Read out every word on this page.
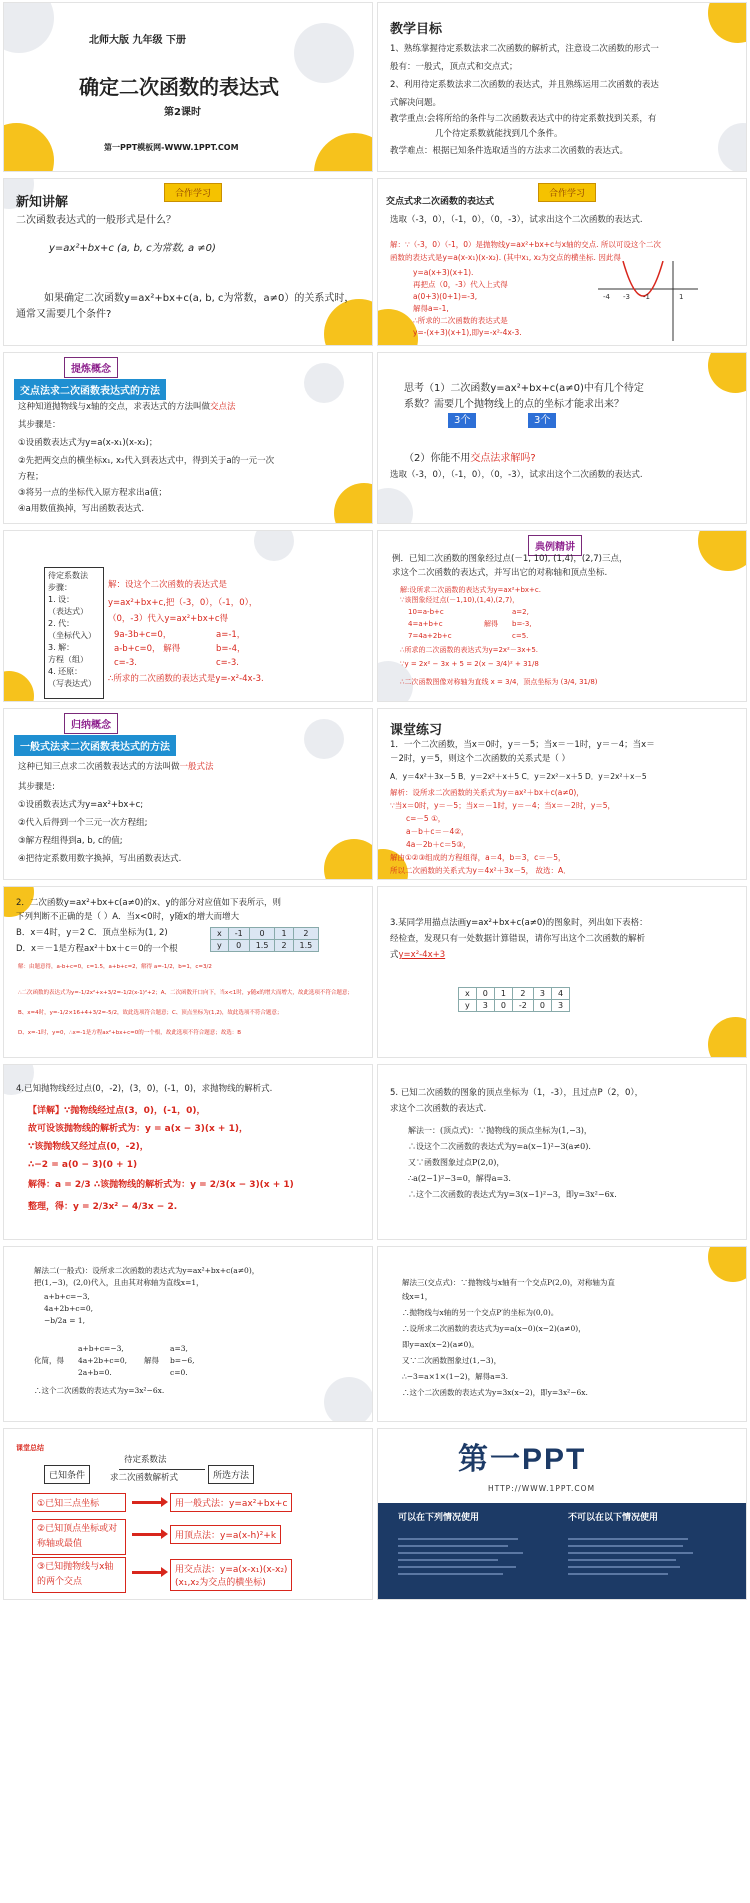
北师大版 九年级 下册
确定二次函数的表达式
第2课时
第一PPT模板网-WWW.1PPT.COM
教学目标
1、熟练掌握待定系数法求二次函数的解析式，注意设二次函数的形式一
般有：一般式，顶点式和交点式；
2、利用待定系数法求二次函数的表达式，并且熟练运用二次函数的表达
式解决问题。
教学重点:会将所给的条件与二次函数表达式中的待定系数找到关系，有
几个待定系数就能找到几个条件。
教学难点：根据已知条件选取适当的方法求二次函数的表达式。
新知讲解
合作学习
二次函数表达式的一般形式是什么？
y=ax²+bx+c (a, b, c为常数, a ≠0)
如果确定二次函数y=ax²+bx+c(a, b, c为常数，a≠0）的关系式时，
通常又需要几个条件?
交点式求二次函数的表达式
合作学习
选取（-3，0），（-1，0），（0，-3），试求出这个二次函数的表达式.
解：∵（-3，0）（-1，0）是抛物线y=ax²+bx+c与x轴的交点. 所以可设这个二次
函数的表达式是y=a(x-x₁)(x-x₂). (其中x₁, x₂为交点的横坐标. 因此得
y=a(x+3)(x+1).
再把点（0，-3）代入上式得
a(0+3)(0+1)=-3,
解得a=-1,
∴所求的二次函数的表达式是
y=-(x+3)(x+1),即y=-x²-4x-3.
-4 -3 -1	1
提炼概念
交点法求二次函数表达式的方法
这种知道抛物线与x轴的交点，求表达式的方法叫做交点法
其步骤是：
①设函数表达式为y=a(x-x₁)(x-x₂)；
②先把两交点的横坐标x₁, x₂代入到表达式中，得到关于a的一元一次
方程；
③将另一点的坐标代入原方程求出a值；
④a用数值换掉，写出函数表达式.
思考（1）二次函数y=ax²+bx+c(a≠0)中有几个待定
系数？需要几个抛物线上的点的坐标才能求出来？
3个	3个
（2）你能不用交点法求解吗?
选取（-3，0），（-1，0），（0，-3），试求出这个二次函数的表达式.
待定系数法
步骤：
1. 设：
（表达式）
2. 代：
（坐标代入）
3. 解：
方程（组）
4. 还原：
（写表达式）
解：设这个二次函数的表达式是
y=ax²+bx+c,把（-3，0），（-1，0），
（0，-3）代入y=ax²+bx+c得
9a-3b+c=0，
a-b+c=0， 解得
c=-3.
a=-1，
b=-4，
c=-3.
∴所求的二次函数的表达式是y=-x²-4x-3.
典例精讲
例．已知二次函数的图象经过点(－1, 10), (1,4)，(2,7)三点，
求这个二次函数的表达式，并写出它的对称轴和顶点坐标.
解:设所求二次函数的表达式为y=ax²+bx+c.
∵该图象经过点(－1,10),(1,4),(2,7)，
10=a-b+c
4=a+b+c
7=4a+2b+c
解得
a=2,
b=-3,
c=5.
∴所求的二次函数的表达式为y=2x²－3x+5.
∵y = 2x² − 3x + 5 = 2(x − 3/4)² + 31/8
∴二次函数图像对称轴为直线 x = 3/4，顶点坐标为 (3/4, 31/8)
归纳概念
一般式法求二次函数表达式的方法
这种已知三点求二次函数表达式的方法叫做一般式法
其步骤是:
①设函数表达式为y=ax²+bx+c;
②代入后得到一个三元一次方程组;
③解方程组得到a, b, c的值;
④把待定系数用数字换掉，写出函数表达式.
课堂练习
1．一个二次函数，当x＝0时，y＝－5；当x＝－1时，y＝－4；当x＝
－2时，y＝5，则这个二次函数的关系式是（ ）
A．y＝4x²＋3x－5 B．y＝2x²＋x＋5 C．y＝2x²－x＋5 D．y＝2x²＋x－5
解析：设所求二次函数的关系式为y＝ax²＋bx＋c(a≠0)，
∵当x＝0时，y＝－5；当x＝－1时，y＝－4；当x＝－2时，y＝5，
c=－5 ①，
a－b＋c＝－4②，
4a－2b＋c＝5③，
解由①②③组成的方程组得，a＝4，b＝3，c＝－5，
所以二次函数的关系式为y＝4x²＋3x－5， 故选：A．
2．二次函数y=ax²+bx+c(a≠0)的x、y的部分对应值如下表所示，则
下列判断不正确的是（ ）A．当x<0时，y随x的增大而增大
B．x＝4时，y＝2 C．顶点坐标为(1, 2)
D．x＝－1是方程ax²＋bx＋c＝0的一个根
x	-1	0	1	2
y	0	1.5	2	1.5
解：由题意得，a-b+c=0，c=1.5，a+b+c=2，解得 a=-1/2，b=1，c=3/2
∴二次函数的表达式为y=-1/2x²+x+3/2=-1/2(x-1)²+2；A、二次函数开口向下，当x<1时，y随x的增大而增大，故此选项不符合题意；
B、x=4时，y=-1/2×16+4+3/2=-5/2，故此选项符合题意；C、顶点坐标为(1,2)，故此选项不符合题意；
D、x=-1时，y=0，∴x=-1是方程ax²+bx+c=0的一个根，故此选项不符合题意；故选：B
3.某同学用描点法画y=ax²+bx+c(a≠0)的图象时，列出如下表格：
经检查，发现只有一处数据计算错误，请你写出这个二次函数的解析
式y=x²-4x+3
x	0	1	2	3	4
y	3	0	-2	0	3
4.已知抛物线经过点(0，-2)，(3，0)，(-1，0)，求抛物线的解析式.
【详解】∵抛物线经过点(3，0)，(-1，0)，
故可设该抛物线的解析式为：y = a(x − 3)(x + 1)，
∵该抛物线又经过点(0，-2)，
∴−2 = a(0 − 3)(0 + 1)
解得：a = 2/3 ∴该抛物线的解析式为：y = 2/3(x − 3)(x + 1)
整理，得：y = 2/3x² − 4/3x − 2.
5. 已知二次函数的图象的顶点坐标为（1，-3），且过点P（2，0），
求这个二次函数的表达式.
解法一：(顶点式)：∵抛物线的顶点坐标为(1,−3)，
∴设这个二次函数的表达式为y=a(x−1)²−3(a≠0).
又∵函数图象过点P(2,0)，
∴a(2−1)²−3=0，解得a=3.
∴这个二次函数的表达式为y=3(x−1)²−3，即y=3x²−6x.
解法二(一般式)：设所求二次函数的表达式为y=ax²+bx+c(a≠0)，
把(1,−3)，(2,0)代入，且由其对称轴为直线x=1，
a+b+c=−3,
4a+2b+c=0,
−b/2a = 1,
化简，得
a+b+c=−3,
4a+2b+c=0,
2a+b=0.
解得
a=3,
b=−6,
c=0.
∴这个二次函数的表达式为y=3x²−6x.
解法三(交点式)：∵抛物线与x轴有一个交点P(2,0)，对称轴为直
线x=1，
∴抛物线与x轴的另一个交点P′的坐标为(0,0)。
∴设所求二次函数的表达式为y=a(x−0)(x−2)(a≠0)，
即y=ax(x−2)(a≠0)。
又∵二次函数图象过(1,−3)，
∴−3=a×1×(1−2)，解得a=3.
∴这个二次函数的表达式为y=3x(x−2)，即y=3x²−6x.
课堂总结
待定系数法
已知条件	求二次函数解析式	所选方法
①已知三点坐标	用一般式法：y=ax²+bx+c
②已知顶点坐标或对称轴或最值
用顶点法：y=a(x-h)²+k
③已知抛物线与x轴的两个交点
用交点法：y=a(x-x₁)(x-x₂)
(x₁,x₂为交点的横坐标)
第一PPT
HTTP://WWW.1PPT.COM
可以在下列情况使用	不可以在以下情况使用
